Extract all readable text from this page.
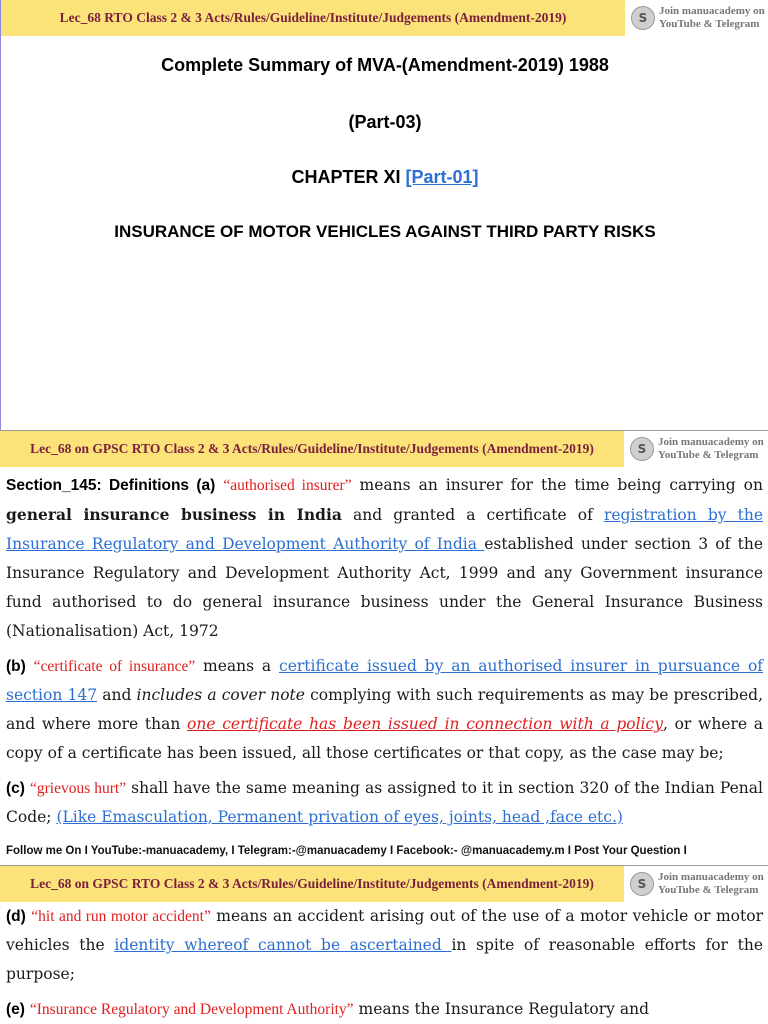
Lec_68 RTO Class 2 & 3 Acts/Rules/Guideline/Institute/Judgements (Amendment-2019)	S	Join manuacademy on
YouTube & Telegram
Complete Summary of MVA-(Amendment-2019) 1988
(Part-03)
CHAPTER XI [Part-01]
INSURANCE OF MOTOR VEHICLES AGAINST THIRD PARTY RISKS
Lec_68 on GPSC RTO Class 2 & 3 Acts/Rules/Guideline/Institute/Judgements (Amendment-2019)	S	Join manuacademy on
YouTube & Telegram

Section_145: Definitions (a) “authorised insurer” means an insurer for the time being carrying on general insurance business in India and granted a certificate of registration by the Insurance Regulatory and Development Authority of India established under section 3 of the Insurance Regulatory and Development Authority Act, 1999 and any Government insurance fund authorised to do general insurance business under the General Insurance Business (Nationalisation) Act, 1972

(b) “certificate of insurance” means a certificate issued by an authorised insurer in pursuance of section 147 and includes a cover note complying with such requirements as may be prescribed, and where more than one certificate has been issued in connection with a policy, or where a copy of a certificate has been issued, all those certificates or that copy, as the case may be;

(c) “grievous hurt” shall have the same meaning as assigned to it in section 320 of the Indian Penal Code; (Like Emasculation, Permanent privation of eyes, joints, head ,face etc.)

Follow me On I YouTube:-manuacademy, I Telegram:-@manuacademy I Facebook:- @manuacademy.m I Post Your Question I
Lec_68 on GPSC RTO Class 2 & 3 Acts/Rules/Guideline/Institute/Judgements (Amendment-2019)	S	Join manuacademy on
YouTube & Telegram

(d) “hit and run motor accident” means an accident arising out of the use of a motor vehicle or motor vehicles the identity whereof cannot be ascertained in spite of reasonable efforts for the purpose;

(e) “Insurance Regulatory and Development Authority” means the Insurance Regulatory and
